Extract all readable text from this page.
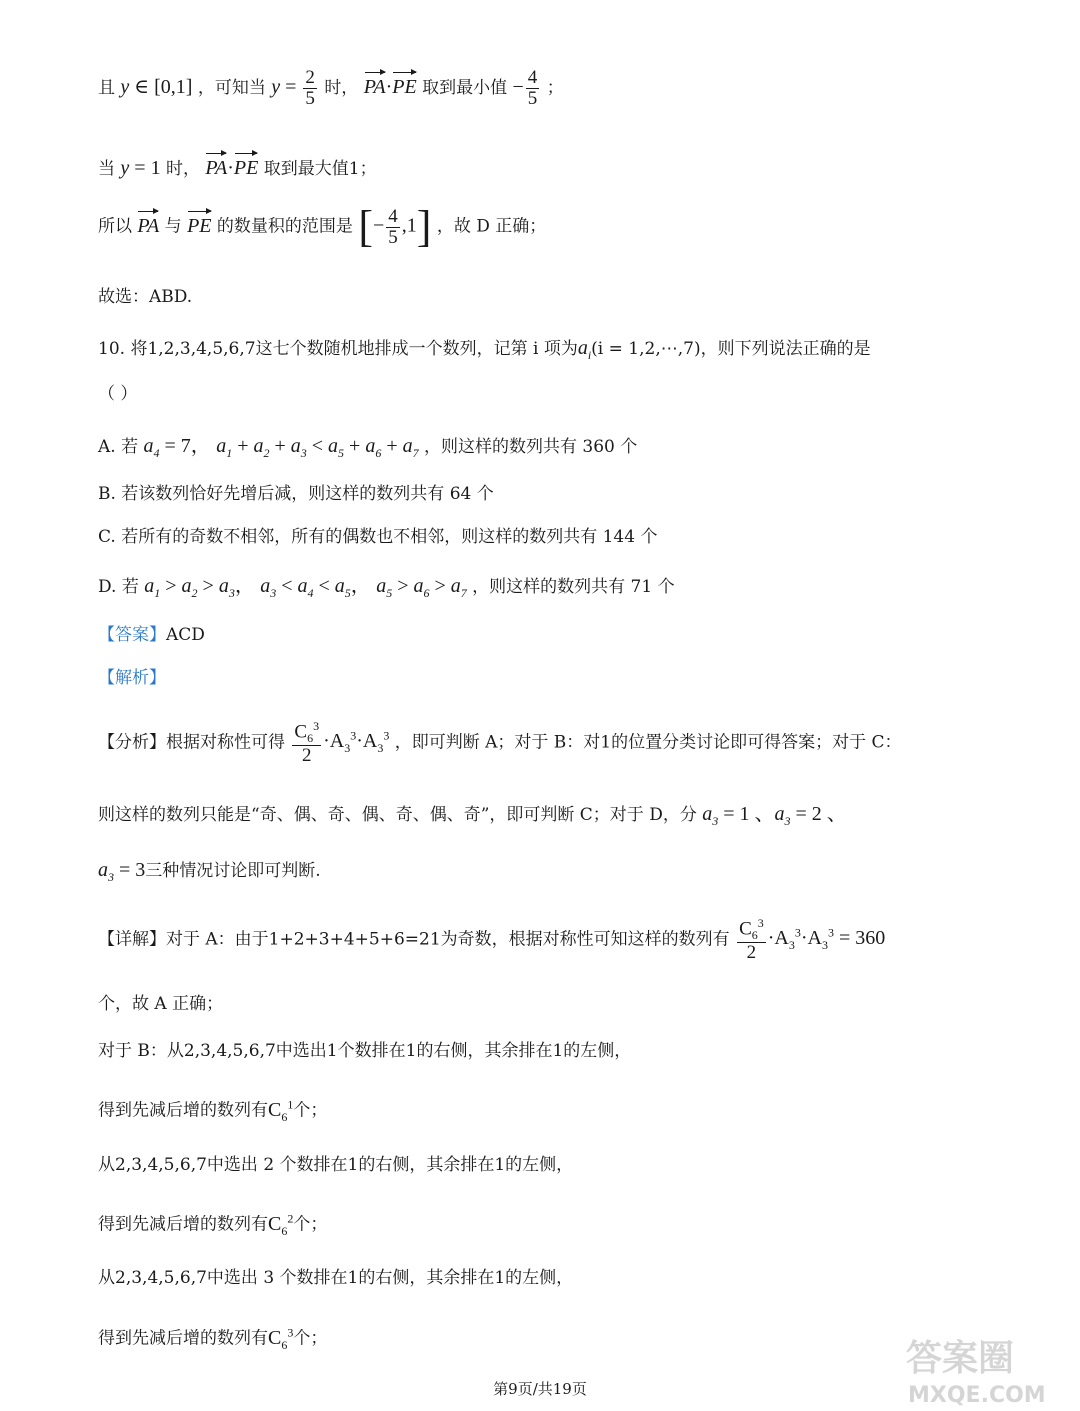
且 y ∈ [0,1] ，可知当 $y = \frac{2}{5}$ 时， PA·PE 取到最小值 − $\frac{4}{5}$ ；
当 y = 1 时， PA·PE 取到最大值1；
所以 PA 与 PE 的数量积的范围是 [− $\frac{4}{5} ,1$] ，故 D 正确；
故选：ABD.
10. 将1,2,3,4,5,6,7这七个数随机地排成一个数列，记第 i 项为$a_i(i$ = 1,2,⋯,7)，则下列说法正确的是
（ ）
A. 若 $a_4 = 7$， $a_1 + a_2 + a_3 < a_5 + a_6 + a_7$ ，则这样的数列共有 360 个
B. 若该数列恰好先增后减，则这样的数列共有 64 个
C. 若所有的奇数不相邻，所有的偶数也不相邻，则这样的数列共有 144 个
D. 若 $a_1 > a_2 > a_3$， $a_3 < a_4 < a_5$， $a_5 > a_6 > a_7$ ，则这样的数列共有 71 个
【答案】ACD
【解析】
【分析】根据对称性可得 $\frac{C_6^3}{2} \cdot A_3^3\cdot A_3^3$ ，即可判断 A；对于 B：对1的位置分类讨论即可得答案；对于 C：
则这样的数列只能是“奇、偶、奇、偶、奇、偶、奇”，即可判断 C；对于 D，分 $a_3 = 1$ 、$a_3 = 2$ 、
$a_3 = 3$三种情况讨论即可判断.
【详解】对于 A：由于1+2+3+4+5+6=21为奇数，根据对称性可知这样的数列有 $\frac{C_6^3}{2} \cdot A_3^3\cdot A_3^3 = 360$
个，故 A 正确；
对于 B：从2,3,4,5,6,7中选出1个数排在1的右侧，其余排在1的左侧，
得到先减后增的数列有$C_6^1$个；
从2,3,4,5,6,7中选出 2 个数排在1的右侧，其余排在1的左侧，
得到先减后增的数列有$C_6^2$个；
从2,3,4,5,6,7中选出 3 个数排在1的右侧，其余排在1的左侧，
得到先减后增的数列有$C_6^3$个；
第9页/共19页
答案圈
MXQE.COM
